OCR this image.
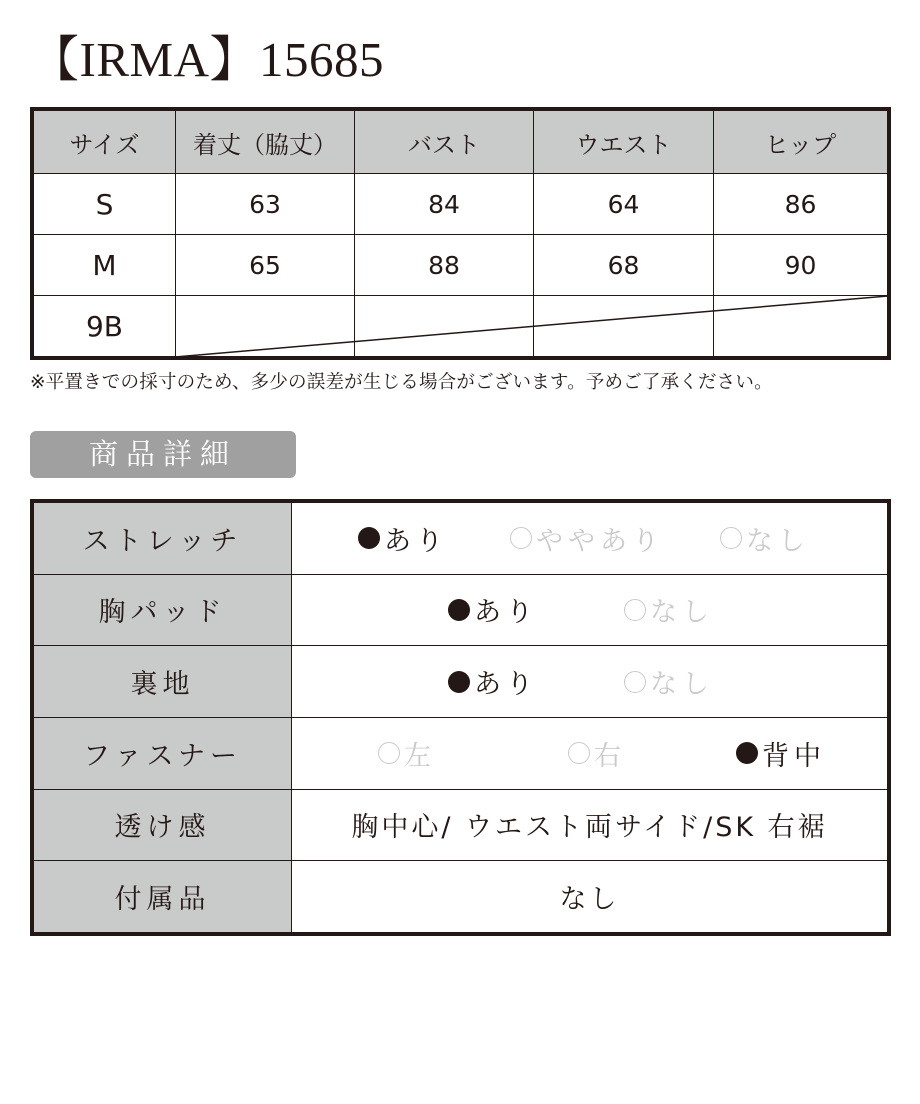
【IRMA】15685
サイズ	着丈（脇丈）	バスト	ウエスト	ヒップ
S	63	84	64	86
M	65	88	68	90
9B				
※平置きでの採寸のため、多少の誤差が生じる場合がございます。予めご了承ください。
商品詳細
ストレッチ	あり ややあり なし

胸パッド	あり なし

裏地	あり なし

ファスナー	左 右 背中

透け感	胸中心/ ウエスト両サイド/SK 右裾
付属品	なし
